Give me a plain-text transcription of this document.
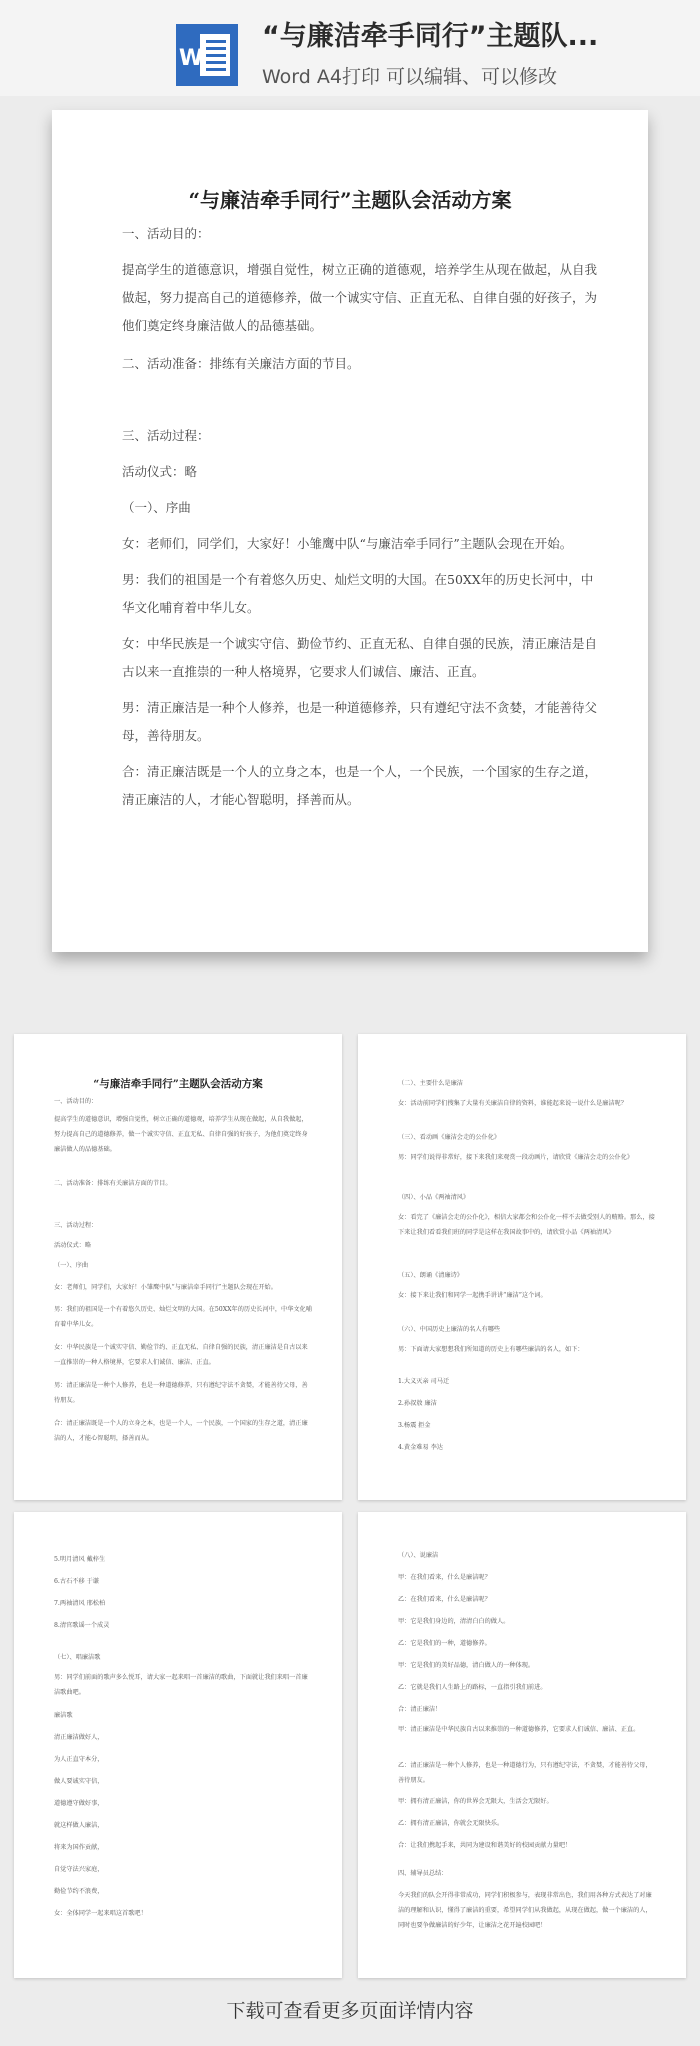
W
“与廉洁牵手同行”主题队...
Word A4打印 可以编辑、可以修改
“与廉洁牵手同行”主题队会活动方案
一、活动目的：
提高学生的道德意识，增强自觉性，树立正确的道德观，培养学生从现在做起，从自我做起，努力提高自己的道德修养，做一个诚实守信、正直无私、自律自强的好孩子，为他们奠定终身廉洁做人的品德基础。
二、活动准备：排练有关廉洁方面的节目。
三、活动过程：
活动仪式：略
（一）、序曲
女：老师们，同学们，大家好！小雏鹰中队“与廉洁牵手同行”主题队会现在开始。
男：我们的祖国是一个有着悠久历史、灿烂文明的大国。在50XX年的历史长河中，中华文化哺育着中华儿女。
女：中华民族是一个诚实守信、勤俭节约、正直无私、自律自强的民族，清正廉洁是自古以来一直推崇的一种人格境界，它要求人们诚信、廉洁、正直。
男：清正廉洁是一种个人修养，也是一种道德修养，只有遵纪守法不贪婪，才能善待父母，善待朋友。
合：清正廉洁既是一个人的立身之本，也是一个人，一个民族，一个国家的生存之道，清正廉洁的人，才能心智聪明，择善而从。
“与廉洁牵手同行”主题队会活动方案
一、活动目的：
提高学生的道德意识，增强自觉性，树立正确的道德观，培养学生从现在做起，从自我做起，努力提高自己的道德修养，做一个诚实守信、正直无私、自律自强的好孩子，为他们奠定终身廉洁做人的品德基础。
二、活动准备：排练有关廉洁方面的节目。
三、活动过程：
活动仪式：略
（一）、序曲
女：老师们，同学们，大家好！小雏鹰中队“与廉洁牵手同行”主题队会现在开始。
男：我们的祖国是一个有着悠久历史、灿烂文明的大国。在50XX年的历史长河中，中华文化哺育着中华儿女。
女：中华民族是一个诚实守信、勤俭节约、正直无私、自律自强的民族，清正廉洁是自古以来一直推崇的一种人格境界，它要求人们诚信、廉洁、正直。
男：清正廉洁是一种个人修养，也是一种道德修养，只有遵纪守法不贪婪，才能善待父母，善待朋友。
合：清正廉洁既是一个人的立身之本，也是一个人，一个民族，一个国家的生存之道，清正廉洁的人，才能心智聪明，择善而从。
（二）、主要什么是廉洁
女：活动前同学们搜集了大量有关廉洁自律的资料，谁能起来说一说什么是廉洁呢？
（三）、看动画《廉洁会走的公仆化》
男：同学们说得非常好，接下来我们来观赏一段动画片，请欣赏《廉洁会走的公仆化》
（四）、小品《两袖清风》
女：看完了《廉洁会走的公仆化》，相信大家都会和公仆化一样不去做受别人的贿赂。那么，接下来让我们看看我们班的同学是这样在我国故事中的，请欣赏小品《两袖清风》
（五）、朗诵《清廉诗》
女：接下来让我们和同学一起携手讲讲“廉洁”这个词。
（六）、中国历史上廉洁的名人有哪些
男：下面请大家想想我们所知道的历史上有哪些廉洁的名人，如下：
1.大义灭亲 司马迁
2.孙叔敖 廉洁
3.杨震 拒金
4.黄金难易 李达
5.明月清风 戴梓生
6.古石不移 于谦
7.两袖清风 邢松柏
8.清官歌谣一个成灵
（七）、唱廉洁歌
男：同学们前面的歌声多么悦耳，请大家一起来唱一首廉洁的歌曲，下面就让我们来唱一首廉洁歌曲吧。
廉洁歌
清正廉洁做好人，
为人正直守本分，
做人要诚实守信，
道德遵守做好事，
就这样做人廉洁，
将来为国作贡献，
自觉守法兴家庭，
勤俭节约不浪费，
女：全体同学一起来唱这首歌吧！
（八）、说廉洁
甲：在我们看来，什么是廉洁呢？
乙：在我们看来，什么是廉洁呢？
甲：它是我们身边的，清清白白的做人。
乙：它是我们的一种，道德修养。
甲：它是我们的美好品德，清白做人的一种体现。
乙：它就是我们人生路上的路标，一直指引我们前进。
合：清正廉洁！
甲：清正廉洁是中华民族自古以来推崇的一种道德修养，它要求人们诚信、廉洁、正直。
乙：清正廉洁是一种个人修养，也是一种道德行为，只有遵纪守法，不贪婪，才能善待父母，善待朋友。
甲：拥有清正廉洁，你的世界会无限大，生活会无限好。
乙：拥有清正廉洁，你就会无限快乐。
合：让我们携起手来，共同为建设和谐美好的校园贡献力量吧！
四、辅导员总结：
今天我们的队会开得非常成功，同学们积极参与，表现非常出色，我们用各种方式表达了对廉洁的理解和认识，懂得了廉洁的重要，希望同学们从我做起，从现在做起，做一个廉洁的人，同时也要争做廉洁的好少年，让廉洁之花开遍校园吧！
下载可查看更多页面详情内容
